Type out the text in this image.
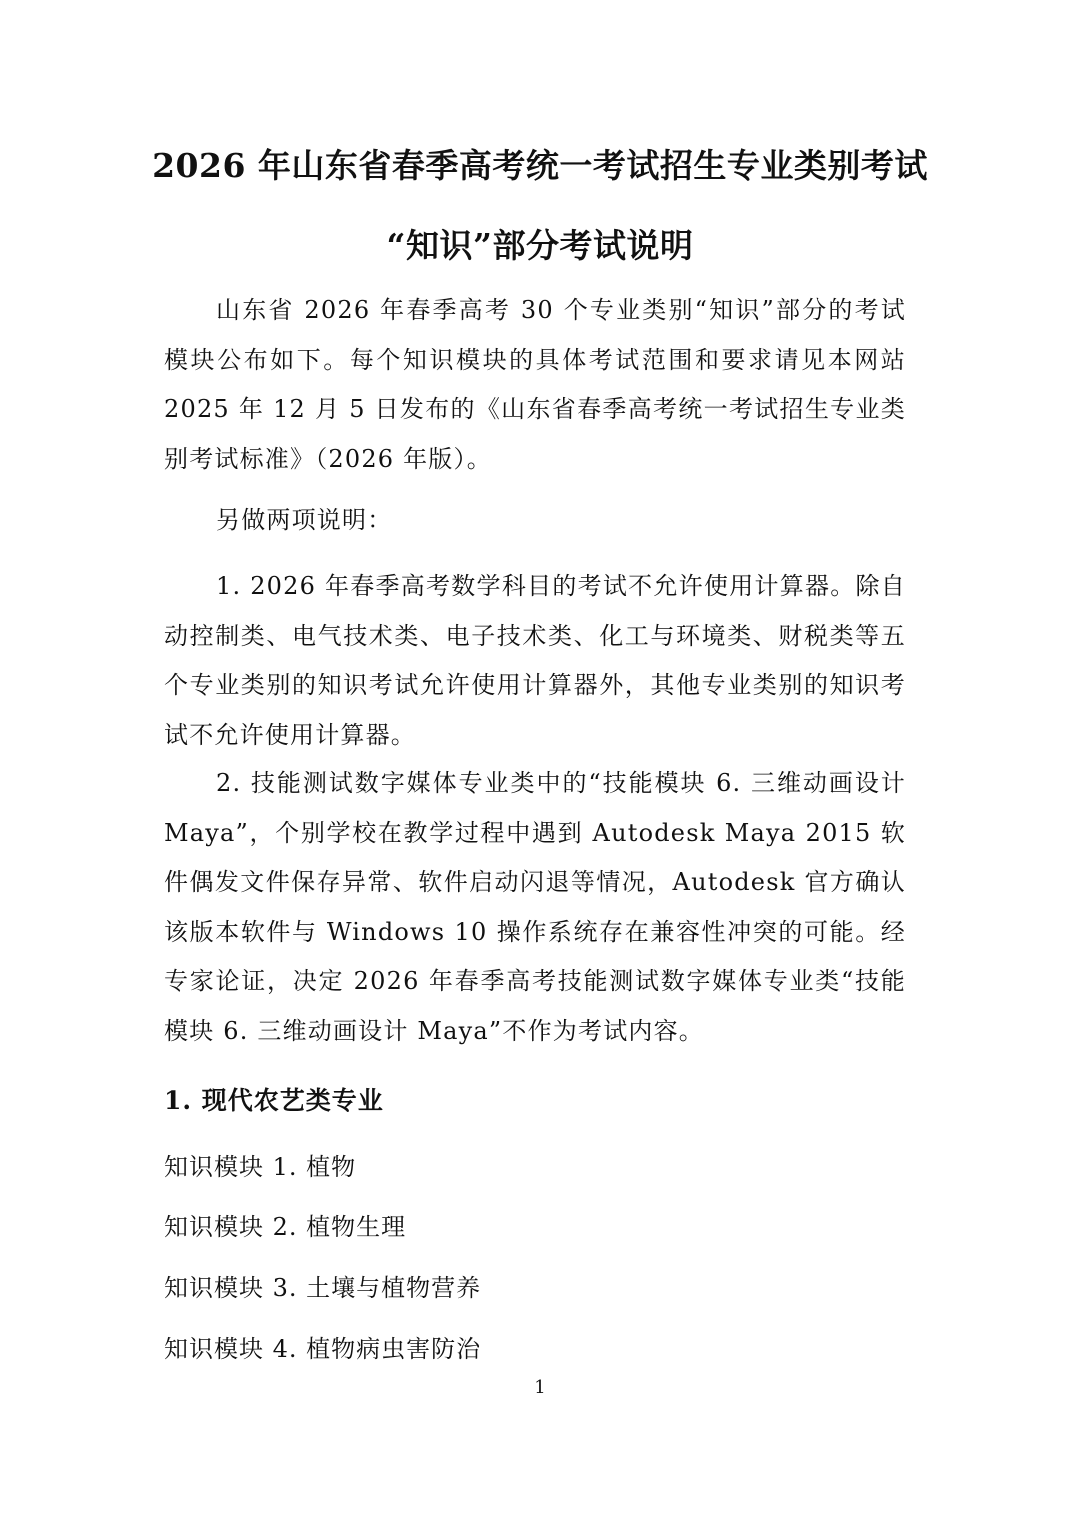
2026 年山东省春季高考统一考试招生专业类别考试
“知识”部分考试说明

山东省 2026 年春季高考 30 个专业类别“知识”部分的考试模块公布如下。每个知识模块的具体考试范围和要求请见本网站 2025 年 12 月 5 日发布的《山东省春季高考统一考试招生专业类别考试标准》（2026 年版）。

另做两项说明：

1. 2026 年春季高考数学科目的考试不允许使用计算器。除自动控制类、电气技术类、电子技术类、化工与环境类、财税类等五个专业类别的知识考试允许使用计算器外，其他专业类别的知识考试不允许使用计算器。

2. 技能测试数字媒体专业类中的“技能模块 6. 三维动画设计 Maya”，个别学校在教学过程中遇到 Autodesk Maya 2015 软件偶发文件保存异常、软件启动闪退等情况，Autodesk 官方确认该版本软件与 Windows 10 操作系统存在兼容性冲突的可能。经专家论证，决定 2026 年春季高考技能测试数字媒体专业类“技能模块 6. 三维动画设计 Maya”不作为考试内容。

1. 现代农艺类专业
知识模块 1. 植物
知识模块 2. 植物生理
知识模块 3. 土壤与植物营养
知识模块 4. 植物病虫害防治
1
